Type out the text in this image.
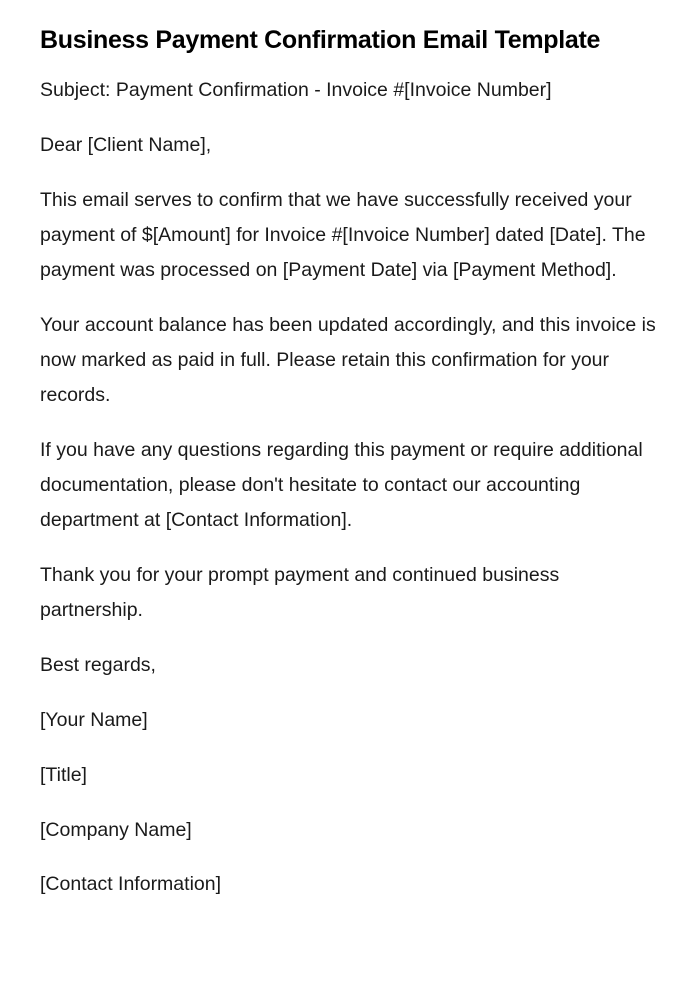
Business Payment Confirmation Email Template

Subject: Payment Confirmation - Invoice #[Invoice Number]

Dear [Client Name],

This email serves to confirm that we have successfully received your payment of $[Amount] for Invoice #[Invoice Number] dated [Date]. The payment was processed on [Payment Date] via [Payment Method].

Your account balance has been updated accordingly, and this invoice is now marked as paid in full. Please retain this confirmation for your records.

If you have any questions regarding this payment or require additional documentation, please don't hesitate to contact our accounting department at [Contact Information].

Thank you for your prompt payment and continued business partnership.

Best regards,

[Your Name]

[Title]

[Company Name]

[Contact Information]
